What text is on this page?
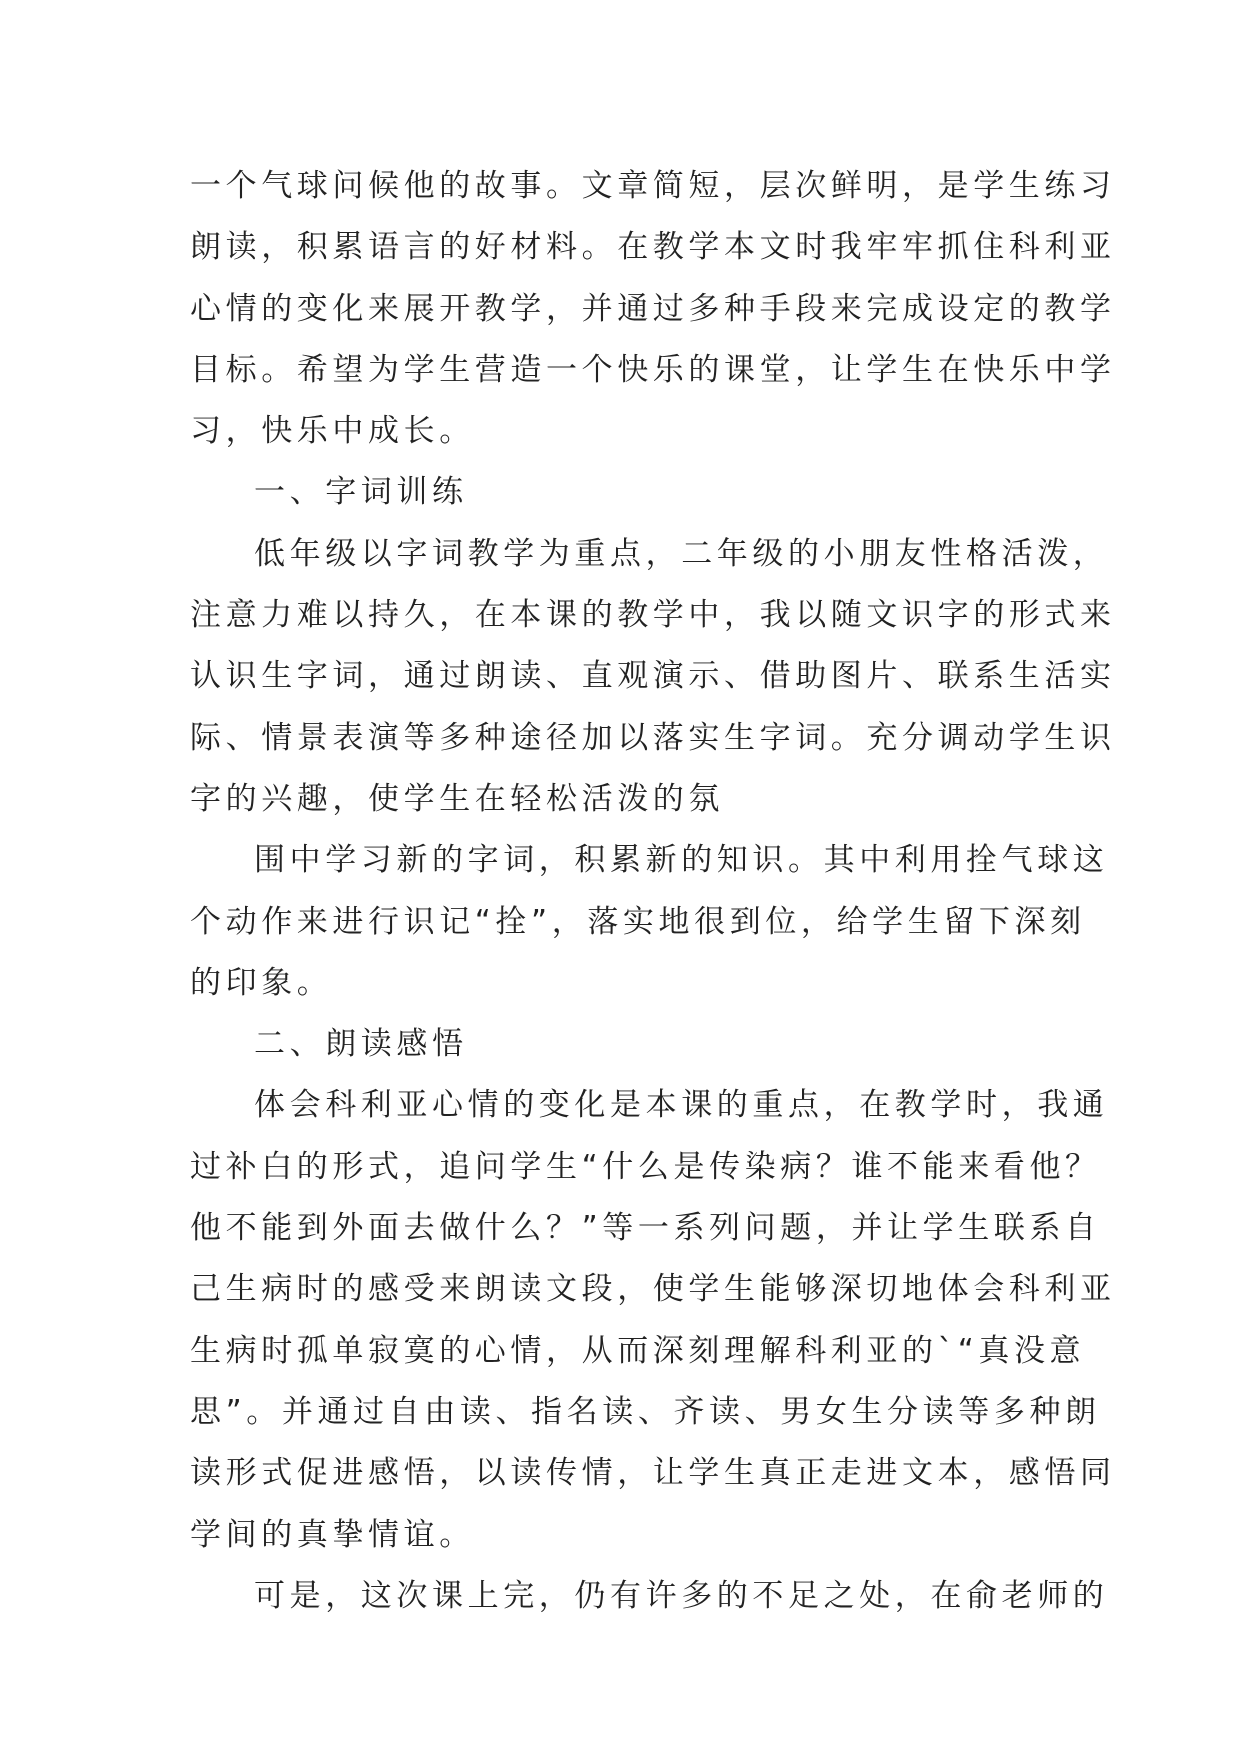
一个气球问候他的故事。文章简短，层次鲜明，是学生练习
朗读，积累语言的好材料。在教学本文时我牢牢抓住科利亚
心情的变化来展开教学，并通过多种手段来完成设定的教学
目标。希望为学生营造一个快乐的课堂，让学生在快乐中学
习，快乐中成长。
一、字词训练
低年级以字词教学为重点，二年级的小朋友性格活泼，
注意力难以持久，在本课的教学中，我以随文识字的形式来
认识生字词，通过朗读、直观演示、借助图片、联系生活实
际、情景表演等多种途径加以落实生字词。充分调动学生识
字的兴趣，使学生在轻松活泼的氛
围中学习新的字词，积累新的知识。其中利用拴气球这
个动作来进行识记“拴”，落实地很到位，给学生留下深刻
的印象。
二、朗读感悟
体会科利亚心情的变化是本课的重点，在教学时，我通
过补白的形式，追问学生“什么是传染病？谁不能来看他？
他不能到外面去做什么？”等一系列问题，并让学生联系自
己生病时的感受来朗读文段，使学生能够深切地体会科利亚
生病时孤单寂寞的心情，从而深刻理解科利亚的`“真没意
思”。并通过自由读、指名读、齐读、男女生分读等多种朗
读形式促进感悟，以读传情，让学生真正走进文本，感悟同
学间的真挚情谊。
可是，这次课上完，仍有许多的不足之处，在俞老师的
